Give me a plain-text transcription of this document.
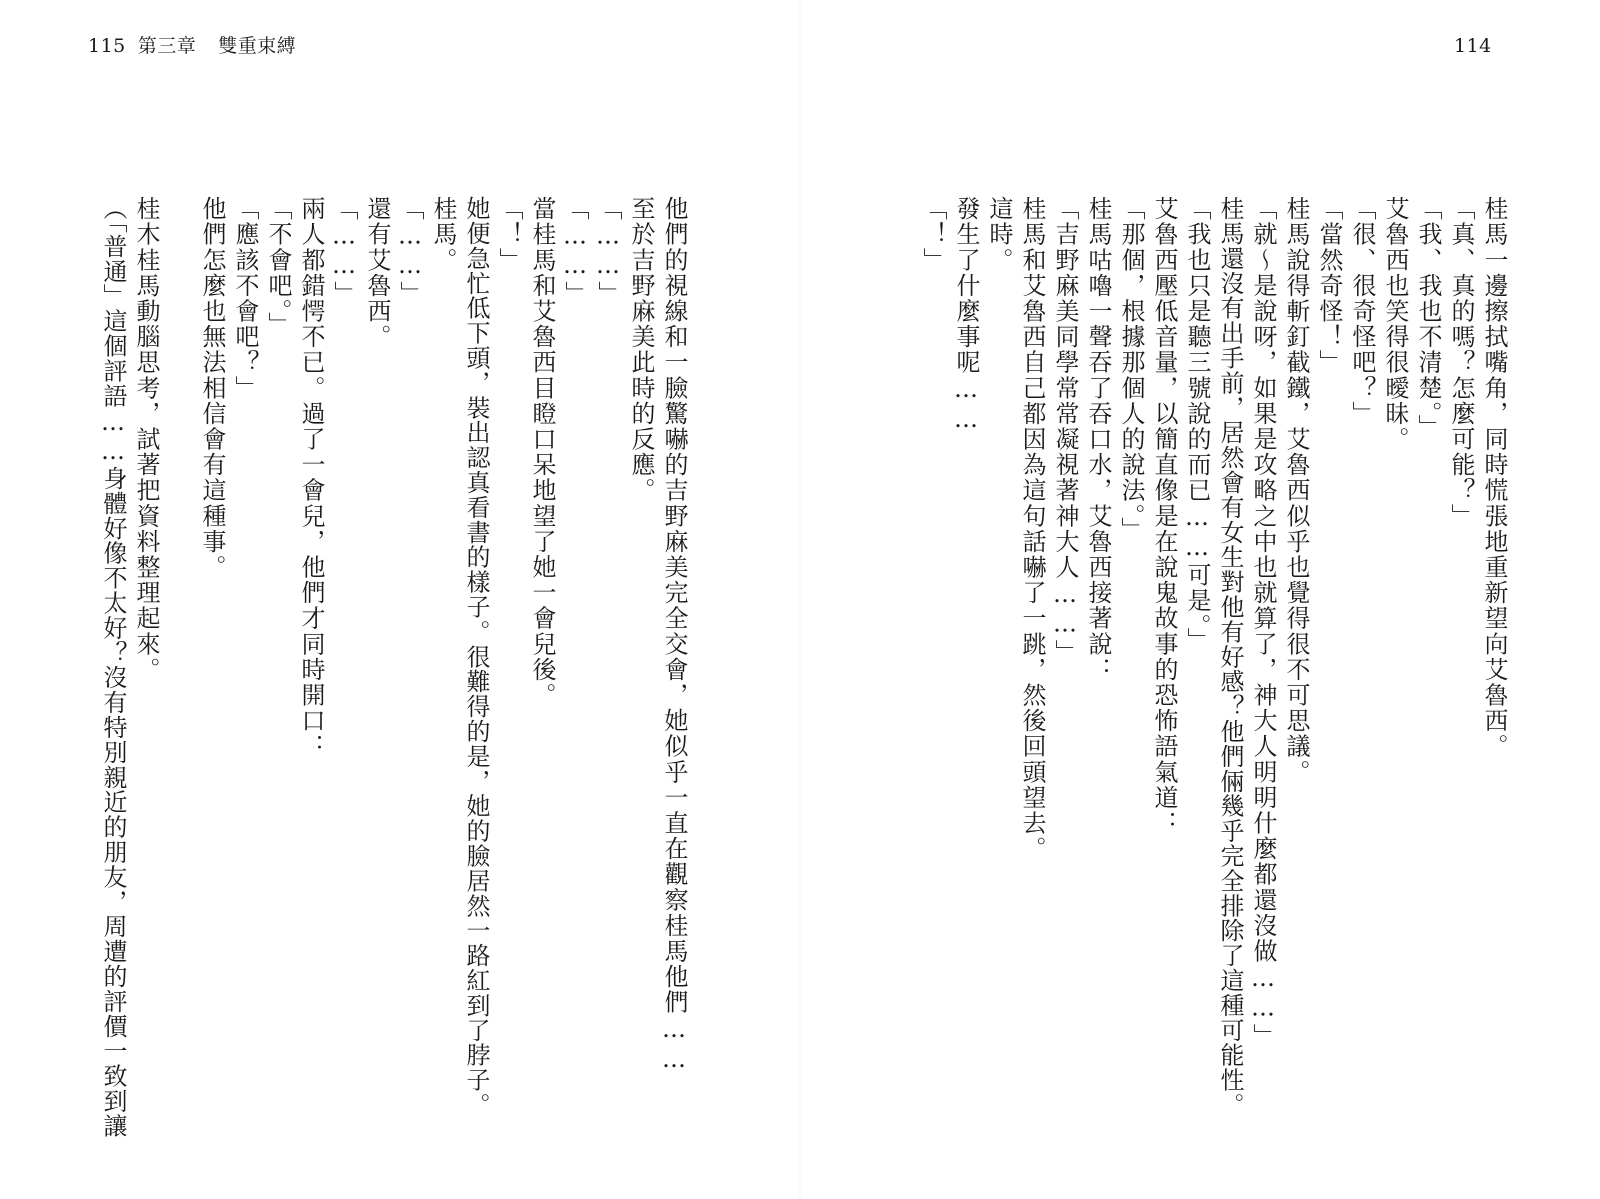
115 第三章 雙重束縛	114
桂馬一邊擦拭嘴角，同時慌張地重新望向艾魯西。
「真、真的嗎？怎麼可能？」
「我、我也不清楚。」
艾魯西也笑得很曖昧。
「很、很奇怪吧？」
「當然奇怪！」
桂馬說得斬釘截鐵，艾魯西似乎也覺得很不可思議。
「就～是說呀，如果是攻略之中也就算了，神大人明明什麼都還沒做……」
桂馬還沒有出手前，居然會有女生對他有好感？他們倆幾乎完全排除了這種可能性。
「我也只是聽三號說的而已……可是。」
艾魯西壓低音量，以簡直像是在說鬼故事的恐怖語氣道：
「那個，根據那個人的說法。」
桂馬咕嚕一聲吞了吞口水，艾魯西接著說：
「吉野麻美同學常常凝視著神大人……」
桂馬和艾魯西自己都因為這句話嚇了一跳，然後回頭望去。
這時。
發生了什麼事呢……
「！」
他們的視線和一臉驚嚇的吉野麻美完全交會，她似乎一直在觀察桂馬他們……
至於吉野麻美此時的反應。
「……」
「……」
當桂馬和艾魯西目瞪口呆地望了她一會兒後。
「！」
她便急忙低下頭，裝出認真看書的樣子。很難得的是，她的臉居然一路紅到了脖子。
桂馬。
「……」
還有艾魯西。
「……」
兩人都錯愕不已。過了一會兒，他們才同時開口：
「不會吧。」
「應該不會吧？」
他們怎麼也無法相信會有這種事。
桂木桂馬動腦思考，試著把資料整理起來。
（「普通」這個評語……身體好像不太好？沒有特別親近的朋友，周遭的評價一致到讓
